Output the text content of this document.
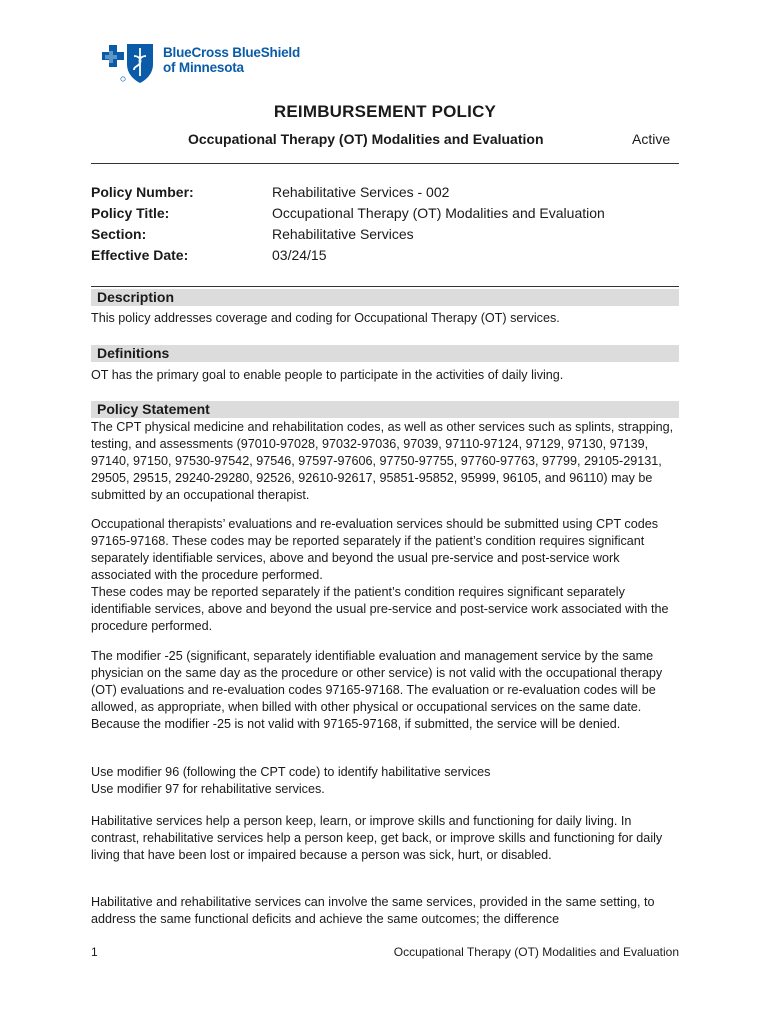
BlueCross BlueShield
of Minnesota
REIMBURSEMENT POLICY
Occupational Therapy (OT) Modalities and Evaluation	Active
Policy Number:	Rehabilitative Services - 002
Policy Title:	Occupational Therapy (OT) Modalities and Evaluation
Section:	Rehabilitative Services
Effective Date:	03/24/15
Description
This policy addresses coverage and coding for Occupational Therapy (OT) services.
Definitions
OT has the primary goal to enable people to participate in the activities of daily living.
Policy Statement
The CPT physical medicine and rehabilitation codes, as well as other services such as splints, strapping, testing, and assessments (97010-97028, 97032-97036, 97039, 97110-97124, 97129, 97130, 97139, 97140, 97150, 97530-97542, 97546, 97597-97606, 97750-97755, 97760-97763, 97799, 29105-29131, 29505, 29515, 29240-29280, 92526, 92610-92617, 95851-95852, 95999, 96105, and 96110) may be submitted by an occupational therapist.
Occupational therapists’ evaluations and re-evaluation services should be submitted using CPT codes 97165-97168. These codes may be reported separately if the patient’s condition requires significant separately identifiable services, above and beyond the usual pre-service and post-service work associated with the procedure performed.
These codes may be reported separately if the patient’s condition requires significant separately identifiable services, above and beyond the usual pre-service and post-service work associated with the procedure performed.
The modifier -25 (significant, separately identifiable evaluation and management service by the same physician on the same day as the procedure or other service) is not valid with the occupational therapy (OT) evaluations and re-evaluation codes 97165-97168. The evaluation or re-evaluation codes will be allowed, as appropriate, when billed with other physical or occupational services on the same date. Because the modifier -25 is not valid with 97165-97168, if submitted, the service will be denied.
Use modifier 96 (following the CPT code) to identify habilitative services
Use modifier 97 for rehabilitative services.
Habilitative services help a person keep, learn, or improve skills and functioning for daily living. In contrast, rehabilitative services help a person keep, get back, or improve skills and functioning for daily living that have been lost or impaired because a person was sick, hurt, or disabled.
Habilitative and rehabilitative services can involve the same services, provided in the same setting, to address the same functional deficits and achieve the same outcomes; the difference
1	Occupational Therapy (OT) Modalities and Evaluation
